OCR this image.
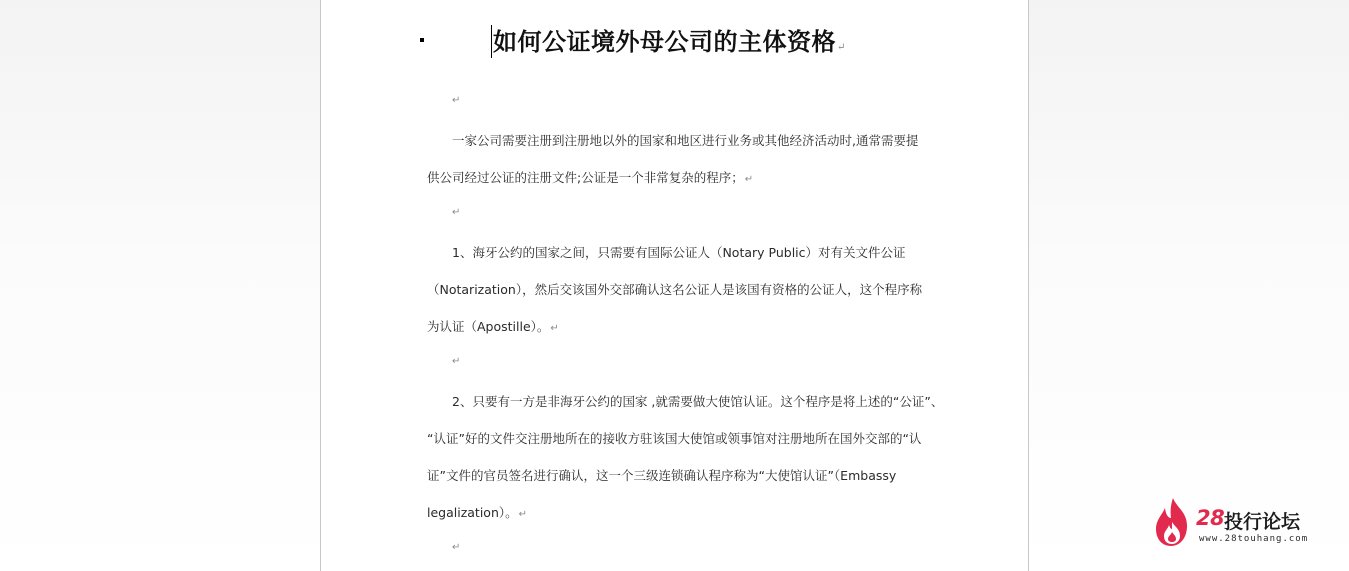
如何公证境外母公司的主体资格↵
↵
一家公司需要注册到注册地以外的国家和地区进行业务或其他经济活动时,通常需要提
供公司经过公证的注册文件;公证是一个非常复杂的程序；↵
↵
1、海牙公约的国家之间，只需要有国际公证人（Notary Public）对有关文件公证
（Notarization），然后交该国外交部确认这名公证人是该国有资格的公证人，这个程序称
为认证（Apostille）。↵
↵
2、只要有一方是非海牙公约的国家 ,就需要做大使馆认证。这个程序是将上述的“公证”、
“认证”好的文件交注册地所在的接收方驻该国大使馆或领事馆对注册地所在国外交部的“认
证”文件的官员签名进行确认，这一个三级连锁确认程序称为“大使馆认证”（Embassy
legalization）。↵
↵
28 投行论坛
www.28touhang.com
